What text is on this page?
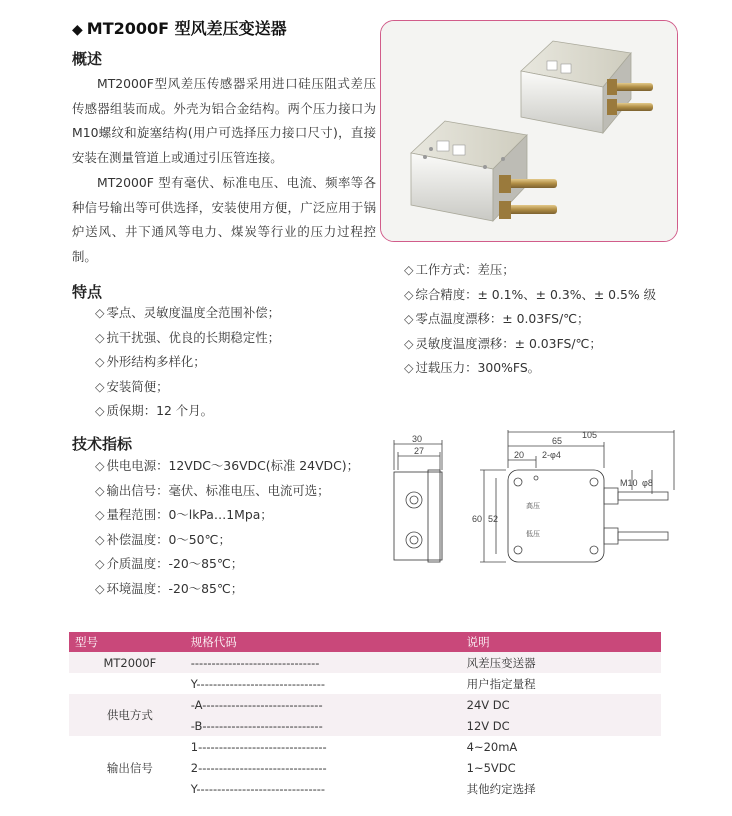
◆ MT2000F 型风差压变送器
概述
MT2000F型风差压传感器采用进口硅压阻式差压传感器组装而成。外壳为铝合金结构。两个压力接口为M10螺纹和旋塞结构(用户可选择压力接口尺寸)，直接安装在测量管道上或通过引压管连接。
MT2000F 型有毫伏、标准电压、电流、频率等各种信号输出等可供选择，安装使用方便，广泛应用于锅炉送风、井下通风等电力、煤炭等行业的压力过程控制。
特点
◇ 零点、灵敏度温度全范围补偿；
◇ 抗干扰强、优良的长期稳定性；
◇ 外形结构多样化；
◇ 安装简便；
◇ 质保期：12 个月。
技术指标
◇ 供电电源：12VDC～36VDC(标准 24VDC)；
◇ 输出信号：毫伏、标准电压、电流可选；
◇ 量程范围：0～lkPa…1Mpa；
◇ 补偿温度：0～50℃；
◇ 介质温度：-20～85℃；
◇ 环境温度：-20～85℃；
◇ 工作方式：差压；
◇ 综合精度：± 0.1%、± 0.3%、± 0.5% 级
◇ 零点温度漂移：± 0.03FS/℃；
◇ 灵敏度温度漂移：± 0.03FS/℃；
◇ 过载压力：300%FS。
30
27
105
65
20 2-φ4
60 52
M10 φ8
高压
低压
型号	规格代码	说明
MT2000F	-------------------------------	风差压变送器
	Y-------------------------------	用户指定量程
供电方式	-A-----------------------------	24V DC
	-B-----------------------------	12V DC
输出信号	1-------------------------------	4~20mA
	2-------------------------------	1~5VDC
	Y-------------------------------	其他约定选择
